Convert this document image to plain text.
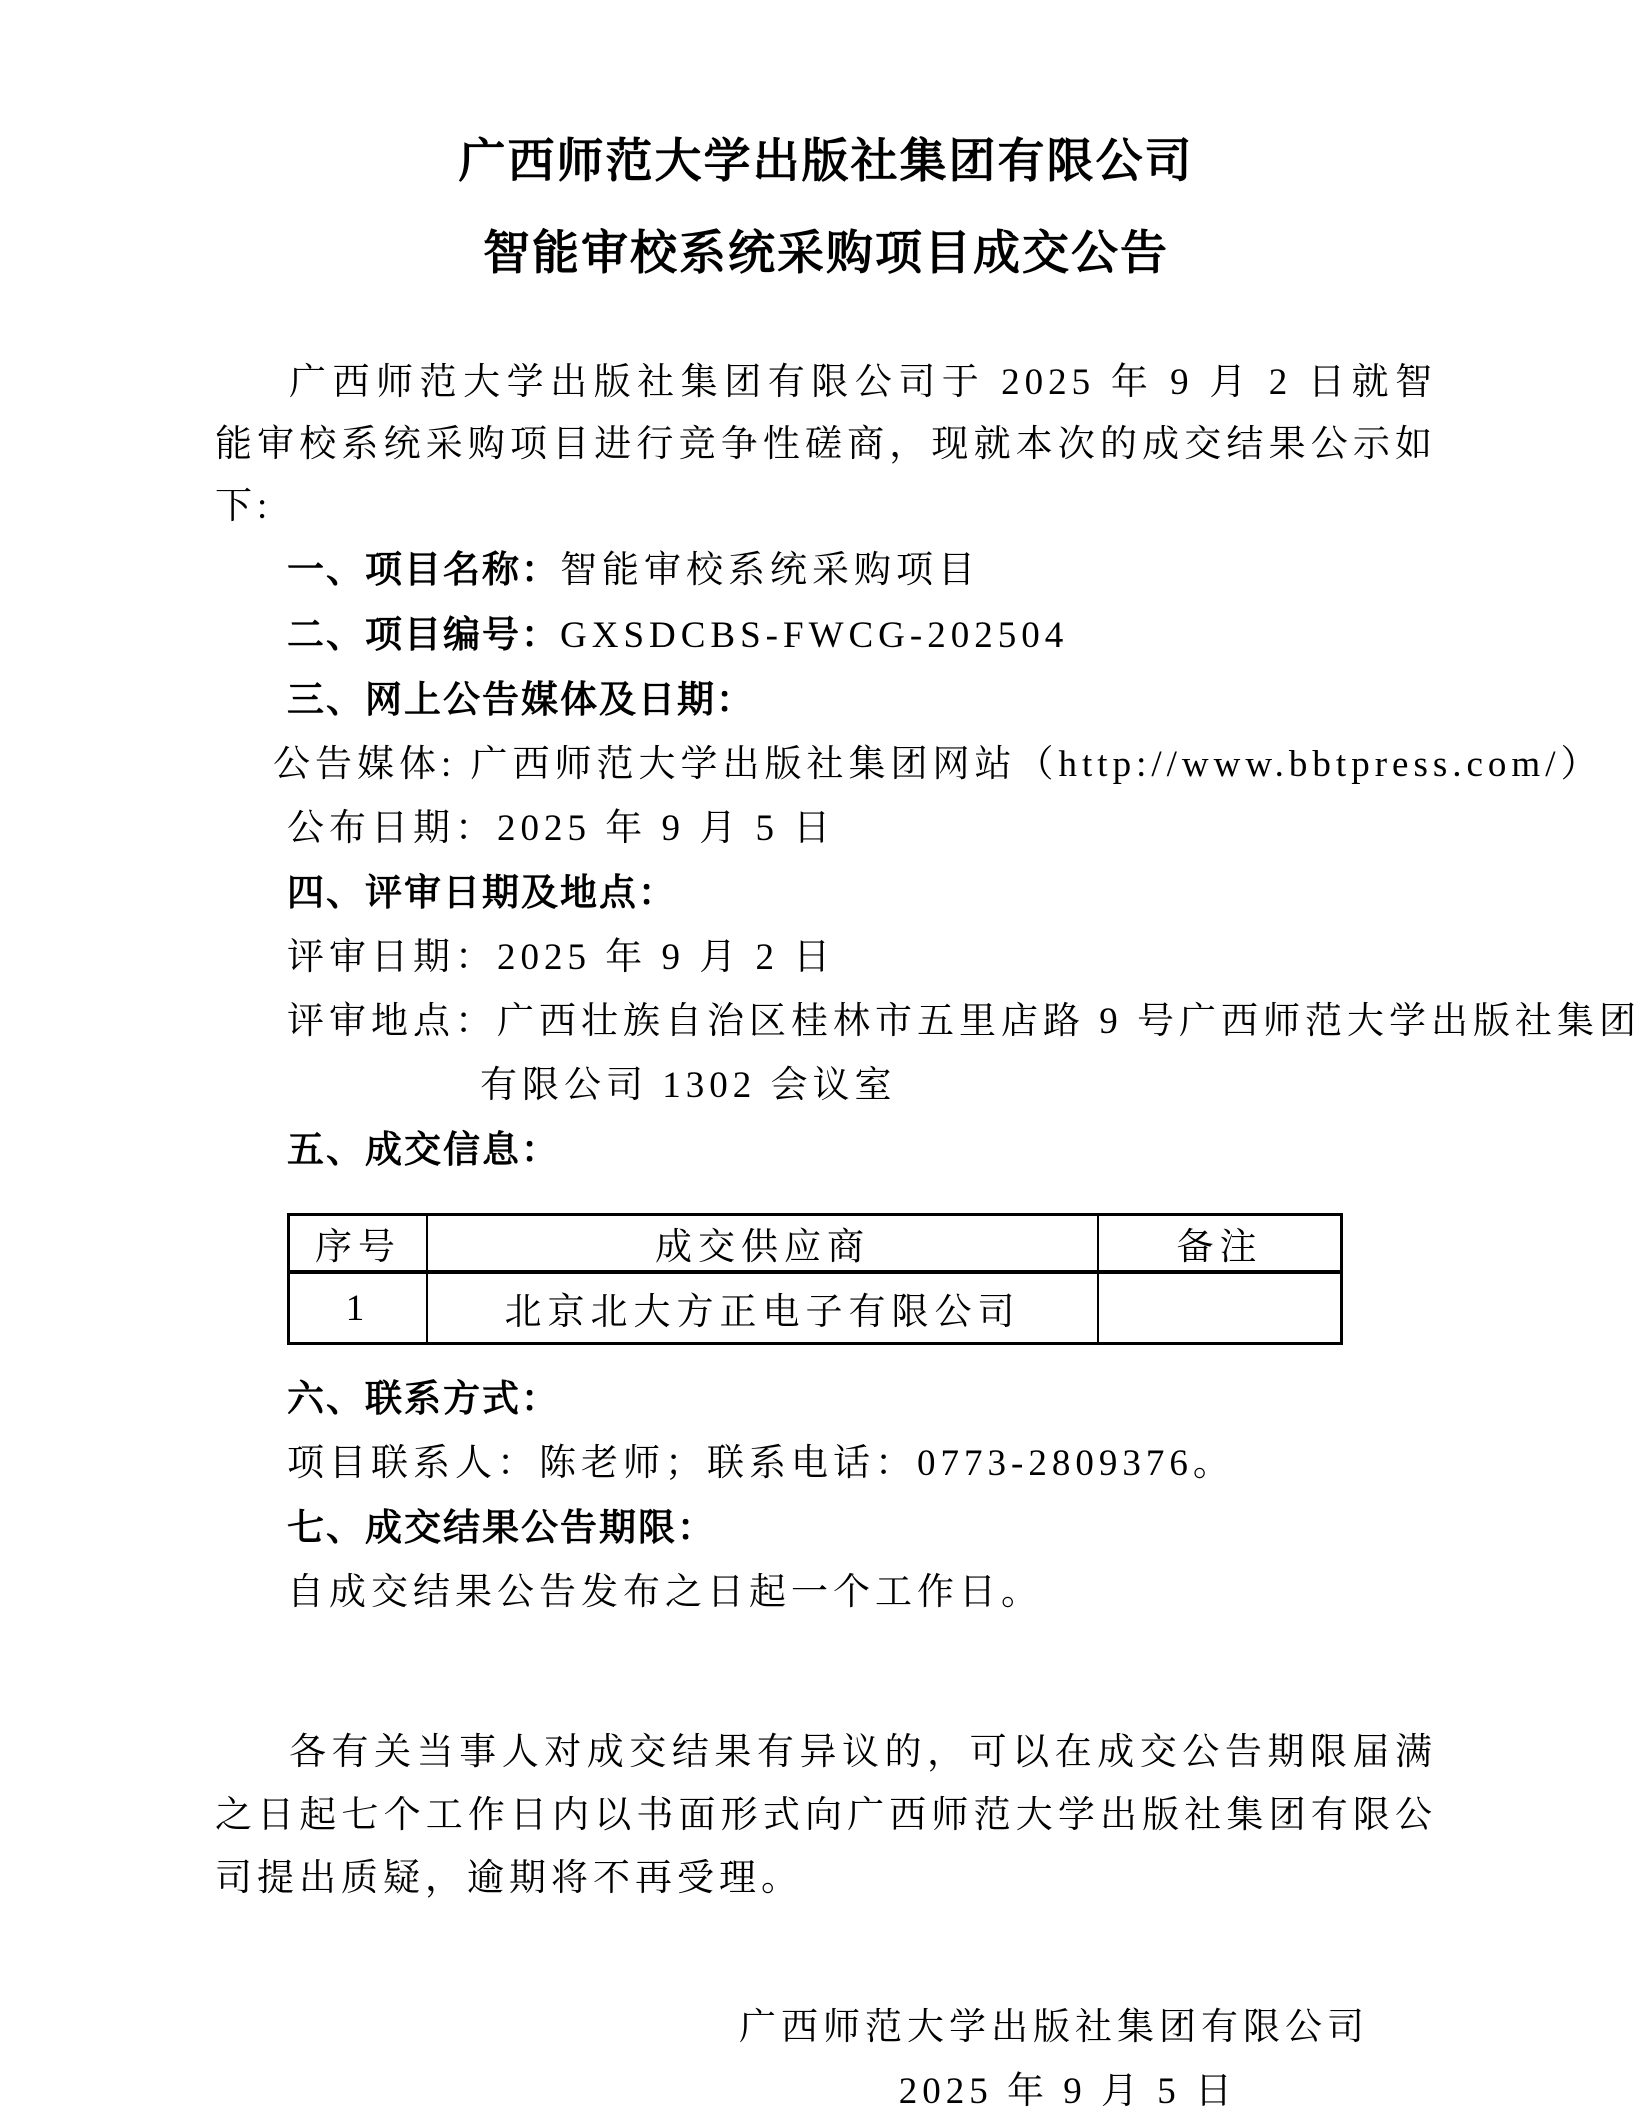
广西师范大学出版社集团有限公司
智能审校系统采购项目成交公告
广西师范大学出版社集团有限公司于 2025 年 9 月 2 日就智能审校系统采购项目进行竞争性磋商，现就本次的成交结果公示如下:
一、项目名称：智能审校系统采购项目
二、项目编号：GXSDCBS-FWCG-202504
三、网上公告媒体及日期：
公告媒体: 广西师范大学出版社集团网站（http://www.bbtpress.com/）
公布日期：2025 年 9 月 5 日
四、评审日期及地点：
评审日期：2025 年 9 月 2 日
评审地点：广西壮族自治区桂林市五里店路 9 号广西师范大学出版社集团
有限公司 1302 会议室
五、成交信息：
序号	成交供应商	备注
1	北京北大方正电子有限公司	
六、联系方式：
项目联系人：陈老师；联系电话：0773-2809376。
七、成交结果公告期限：
自成交结果公告发布之日起一个工作日。
各有关当事人对成交结果有异议的，可以在成交公告期限届满之日起七个工作日内以书面形式向广西师范大学出版社集团有限公司提出质疑，逾期将不再受理。
广西师范大学出版社集团有限公司
2025 年 9 月 5 日
